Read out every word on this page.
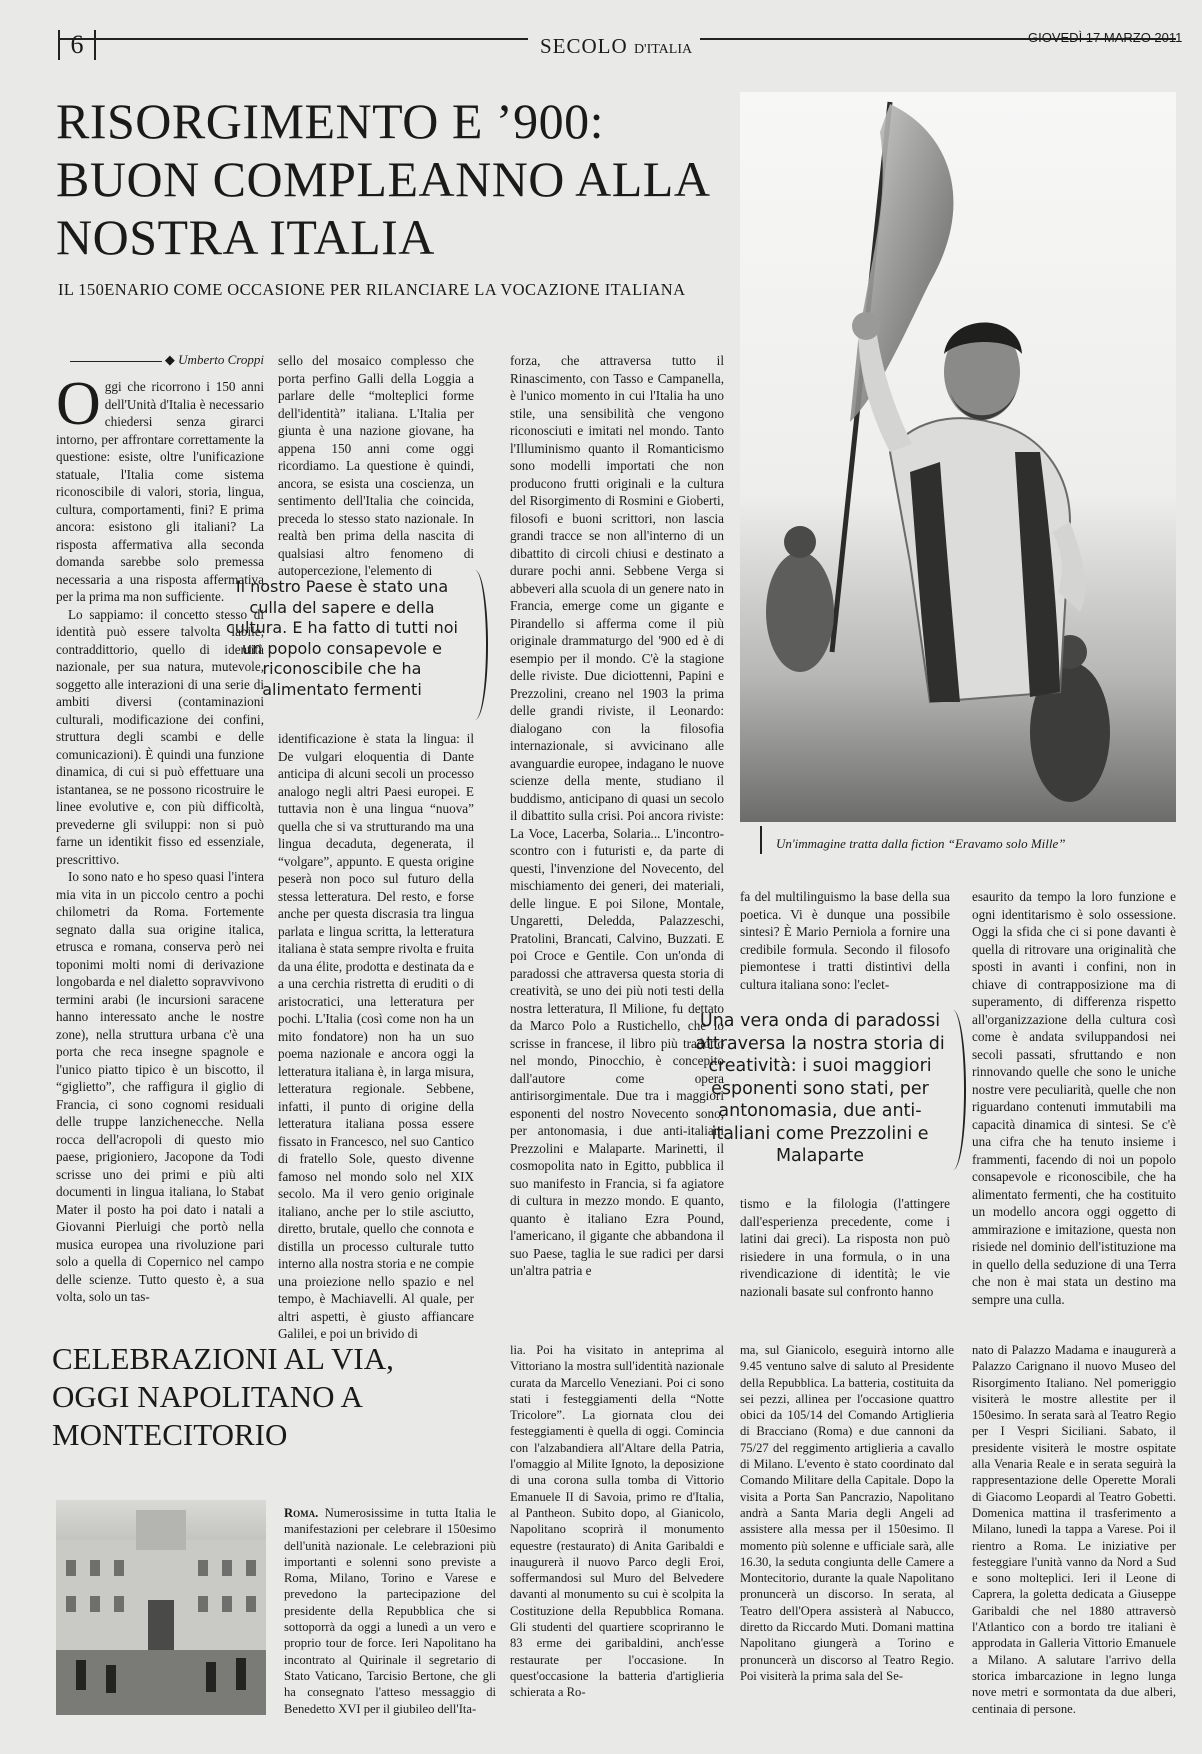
6	SECOLO D'ITALIA
GIOVEDÌ 17 MARZO 2011
RISORGIMENTO E ’900: BUON COMPLEANNO ALLA NOSTRA ITALIA
IL 150ENARIO COME OCCASIONE PER RILANCIARE LA VOCAZIONE ITALIANA
Un'immagine tratta dalla fiction “Eravamo solo Mille”
◆ Umberto Croppi

Oggi che ricorrono i 150 anni dell'Unità d'Italia è necessario chiedersi senza girarci intorno, per affrontare correttamente la questione: esiste, oltre l'unificazione statuale, l'Italia come sistema riconoscibile di valori, storia, lingua, cultura, comportamenti, fini? E prima ancora: esistono gli italiani? La risposta affermativa alla seconda domanda sarebbe solo premessa necessaria a una risposta affermativa per la prima ma non sufficiente.

Lo sappiamo: il concetto stesso di identità può essere talvolta labile, contraddittorio, quello di identità nazionale, per sua natura, mutevole, soggetto alle interazioni di una serie di ambiti diversi (contaminazioni culturali, modificazione dei confini, struttura degli scambi e delle comunicazioni). È quindi una funzione dinamica, di cui si può effettuare una istantanea, se ne possono ricostruire le linee evolutive e, con più difficoltà, prevederne gli sviluppi: non si può farne un identikit fisso ed essenziale, prescrittivo.

Io sono nato e ho speso quasi l'intera mia vita in un piccolo centro a pochi chilometri da Roma. Fortemente segnato dalla sua origine italica, etrusca e romana, conserva però nei toponimi molti nomi di derivazione longobarda e nel dialetto sopravvivono termini arabi (le incursioni saracene hanno interessato anche le nostre zone), nella struttura urbana c'è una porta che reca insegne spagnole e l'unico piatto tipico è un biscotto, il “giglietto”, che raffigura il giglio di Francia, ci sono cognomi residuali delle truppe lanzichenecche. Nella rocca dell'acropoli di questo mio paese, prigioniero, Jacopone da Todi scrisse uno dei primi e più alti documenti in lingua italiana, lo Stabat Mater il posto ha poi dato i natali a Giovanni Pierluigi che portò nella musica europea una rivoluzione pari solo a quella di Copernico nel campo delle scienze. Tutto questo è, a sua volta, solo un tas-

sello del mosaico complesso che porta perfino Galli della Loggia a parlare delle “molteplici forme dell'identità” italiana. L'Italia per giunta è una nazione giovane, ha appena 150 anni come oggi ricordiamo. La questione è quindi, ancora, se esista una coscienza, un sentimento dell'Italia che coincida, preceda lo stesso stato nazionale. In realtà ben prima della nascita di qualsiasi altro fenomeno di autopercezione, l'elemento di

identificazione è stata la lingua: il De vulgari eloquentia di Dante anticipa di alcuni secoli un processo analogo negli altri Paesi europei. E tuttavia non è una lingua “nuova” quella che si va strutturando ma una lingua decaduta, degenerata, il “volgare”, appunto. E questa origine peserà non poco sul futuro della stessa letteratura. Del resto, e forse anche per questa discrasia tra lingua parlata e lingua scritta, la letteratura italiana è stata sempre rivolta e fruita da una élite, prodotta e destinata da e a una cerchia ristretta di eruditi o di aristocratici, una letteratura per pochi. L'Italia (così come non ha un mito fondatore) non ha un suo poema nazionale e ancora oggi la letteratura italiana è, in larga misura, letteratura regionale. Sebbene, infatti, il punto di origine della letteratura italiana possa essere fissato in Francesco, nel suo Cantico di fratello Sole, questo divenne famoso nel mondo solo nel XIX secolo. Ma il vero genio originale italiano, anche per lo stile asciutto, diretto, brutale, quello che connota e distilla un processo culturale tutto interno alla nostra storia e ne compie una proiezione nello spazio e nel tempo, è Machiavelli. Al quale, per altri aspetti, è giusto affiancare Galilei, e poi un brivido di

Il nostro Paese è stato una culla del sapere e della cultura. E ha fatto di tutti noi un popolo consapevole e riconoscibile che ha alimentato fermenti

forza, che attraversa tutto il Rinascimento, con Tasso e Campanella, è l'unico momento in cui l'Italia ha uno stile, una sensibilità che vengono riconosciuti e imitati nel mondo. Tanto l'Illuminismo quanto il Romanticismo sono modelli importati che non producono frutti originali e la cultura del Risorgimento di Rosmini e Gioberti, filosofi e buoni scrittori, non lascia grandi tracce se non all'interno di un dibattito di circoli chiusi e destinato a durare pochi anni. Sebbene Verga si abbeveri alla scuola di un genere nato in Francia, emerge come un gigante e Pirandello si afferma come il più originale drammaturgo del '900 ed è di esempio per il mondo. C'è la stagione delle riviste. Due diciottenni, Papini e Prezzolini, creano nel 1903 la prima delle grandi riviste, il Leonardo: dialogano con la filosofia internazionale, si avvicinano alle avanguardie europee, indagano le nuove scienze della mente, studiano il buddismo, anticipano di quasi un secolo il dibattito sulla crisi. Poi ancora riviste: La Voce, Lacerba, Solaria... L'incontro-scontro con i futuristi e, da parte di questi, l'invenzione del Novecento, del mischiamento dei generi, dei materiali, delle lingue. E poi Silone, Montale, Ungaretti, Deledda, Palazzeschi, Pratolini, Brancati, Calvino, Buzzati. E poi Croce e Gentile. Con un'onda di paradossi che attraversa questa storia di creatività, se uno dei più noti testi della nostra letteratura, Il Milione, fu dettato da Marco Polo a Rustichello, che lo scrisse in francese, il libro più tradotto nel mondo, Pinocchio, è concepito dall'autore come opera antirisorgimentale. Due tra i maggiori esponenti del nostro Novecento sono, per antonomasia, i due anti-italiani Prezzolini e Malaparte. Marinetti, il cosmopolita nato in Egitto, pubblica il suo manifesto in Francia, si fa agiatore di cultura in mezzo mondo. E quanto, quanto è italiano Ezra Pound, l'americano, il gigante che abbandona il suo Paese, taglia le sue radici per darsi un'altra patria e

fa del multilinguismo la base della sua poetica. Vi è dunque una possibile sintesi? È Mario Perniola a fornire una credibile formula. Secondo il filosofo piemontese i tratti distintivi della cultura italiana sono: l'eclet-

Una vera onda di paradossi attraversa la nostra storia di creatività: i suoi maggiori esponenti sono stati, per antonomasia, due anti-italiani come Prezzolini e Malaparte

tismo e la filologia (l'attingere dall'esperienza precedente, come i latini dai greci). La risposta non può risiedere in una formula, o in una rivendicazione di identità; le vie nazionali basate sul confronto hanno

esaurito da tempo la loro funzione e ogni identitarismo è solo ossessione. Oggi la sfida che ci si pone davanti è quella di ritrovare una originalità che sposti in avanti i confini, non in chiave di contrapposizione ma di superamento, di differenza rispetto all'organizzazione della cultura così come è andata sviluppandosi nei secoli passati, sfruttando e non rinnovando quelle che sono le uniche nostre vere peculiarità, quelle che non riguardano contenuti immutabili ma capacità dinamica di sintesi. Se c'è una cifra che ha tenuto insieme i frammenti, facendo di noi un popolo consapevole e riconoscibile, che ha alimentato fermenti, che ha costituito un modello ancora oggi oggetto di ammirazione e imitazione, questa non risiede nel dominio dell'istituzione ma in quello della seduzione di una Terra che non è mai stata un destino ma sempre una culla.

CELEBRAZIONI AL VIA, OGGI NAPOLITANO A MONTECITORIO

Roma. Numerosissime in tutta Italia le manifestazioni per celebrare il 150esimo dell'unità nazionale. Le celebrazioni più importanti e solenni sono previste a Roma, Milano, Torino e Varese e prevedono la partecipazione del presidente della Repubblica che si sottoporrà da oggi a lunedì a un vero e proprio tour de force. Ieri Napolitano ha incontrato al Quirinale il segretario di Stato Vaticano, Tarcisio Bertone, che gli ha consegnato l'atteso messaggio di Benedetto XVI per il giubileo dell'Ita-

lia. Poi ha visitato in anteprima al Vittoriano la mostra sull'identità nazionale curata da Marcello Veneziani. Poi ci sono stati i festeggiamenti della “Notte Tricolore”. La giornata clou dei festeggiamenti è quella di oggi. Comincia con l'alzabandiera all'Altare della Patria, l'omaggio al Milite Ignoto, la deposizione di una corona sulla tomba di Vittorio Emanuele II di Savoia, primo re d'Italia, al Pantheon. Subito dopo, al Gianicolo, Napolitano scoprirà il monumento equestre (restaurato) di Anita Garibaldi e inaugurerà il nuovo Parco degli Eroi, soffermandosi sul Muro del Belvedere davanti al monumento su cui è scolpita la Costituzione della Repubblica Romana. Gli studenti del quartiere scopriranno le 83 erme dei garibaldini, anch'esse restaurate per l'occasione. In quest'occasione la batteria d'artiglieria schierata a Ro-

ma, sul Gianicolo, eseguirà intorno alle 9.45 ventuno salve di saluto al Presidente della Repubblica. La batteria, costituita da sei pezzi, allinea per l'occasione quattro obici da 105/14 del Comando Artiglieria di Bracciano (Roma) e due cannoni da 75/27 del reggimento artiglieria a cavallo di Milano. L'evento è stato coordinato dal Comando Militare della Capitale. Dopo la visita a Porta San Pancrazio, Napolitano andrà a Santa Maria degli Angeli ad assistere alla messa per il 150esimo. Il momento più solenne e ufficiale sarà, alle 16.30, la seduta congiunta delle Camere a Montecitorio, durante la quale Napolitano pronuncerà un discorso. In serata, al Teatro dell'Opera assisterà al Nabucco, diretto da Riccardo Muti. Domani mattina Napolitano giungerà a Torino e pronuncerà un discorso al Teatro Regio. Poi visiterà la prima sala del Se-

nato di Palazzo Madama e inaugurerà a Palazzo Carignano il nuovo Museo del Risorgimento Italiano. Nel pomeriggio visiterà le mostre allestite per il 150esimo. In serata sarà al Teatro Regio per I Vespri Siciliani. Sabato, il presidente visiterà le mostre ospitate alla Venaria Reale e in serata seguirà la rappresentazione delle Operette Morali di Giacomo Leopardi al Teatro Gobetti. Domenica mattina il trasferimento a Milano, lunedì la tappa a Varese. Poi il rientro a Roma. Le iniziative per festeggiare l'unità vanno da Nord a Sud e sono molteplici. Ieri il Leone di Caprera, la goletta dedicata a Giuseppe Garibaldi che nel 1880 attraversò l'Atlantico con a bordo tre italiani è approdata in Galleria Vittorio Emanuele a Milano. A salutare l'arrivo della storica imbarcazione in legno lunga nove metri e sormontata da due alberi, centinaia di persone.
